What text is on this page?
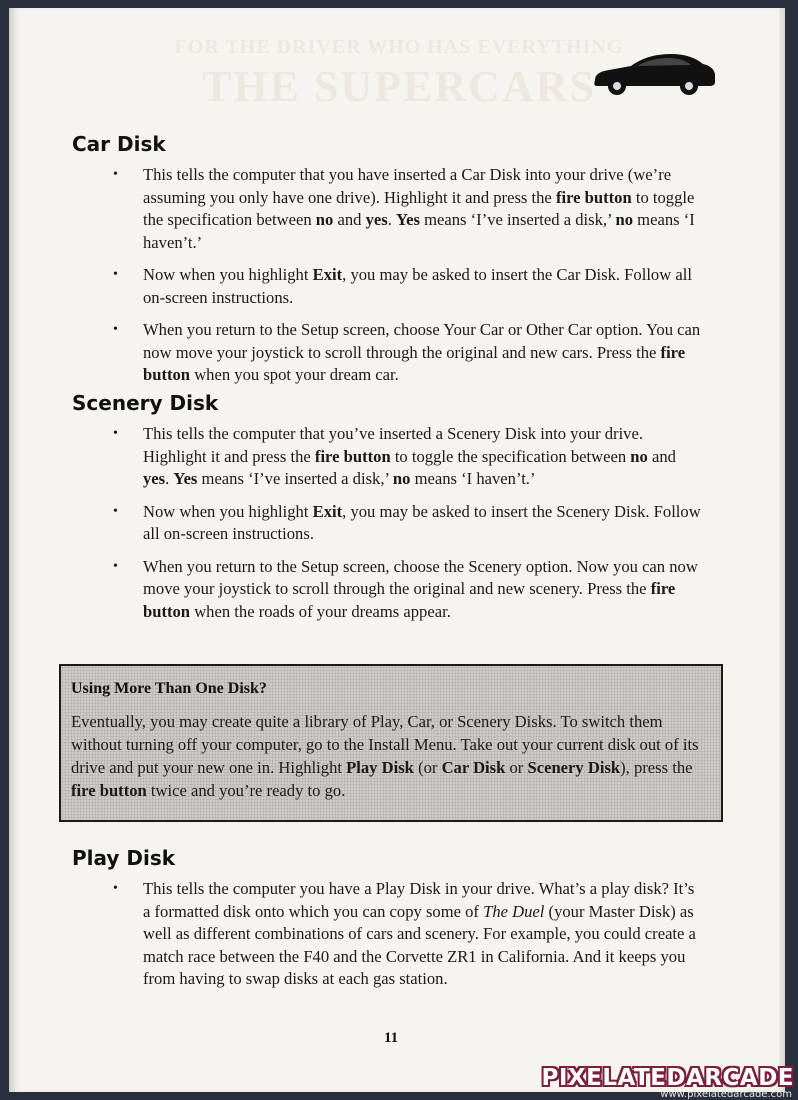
FOR THE DRIVER WHO HAS EVERYTHING
THE SUPERCARS
Car Disk
• This tells the computer that you have inserted a Car Disk into your drive (we’re assuming you only have one drive). Highlight it and press the fire button to toggle the specification between no and yes. Yes means ‘I’ve inserted a disk,’ no means ‘I haven’t.’
• Now when you highlight Exit, you may be asked to insert the Car Disk. Follow all on-screen instructions.
• When you return to the Setup screen, choose Your Car or Other Car option. You can now move your joystick to scroll through the original and new cars. Press the fire button when you spot your dream car.
Scenery Disk
• This tells the computer that you’ve inserted a Scenery Disk into your drive. Highlight it and press the fire button to toggle the specification between no and yes. Yes means ‘I’ve inserted a disk,’ no means ‘I haven’t.’
• Now when you highlight Exit, you may be asked to insert the Scenery Disk. Follow all on-screen instructions.
• When you return to the Setup screen, choose the Scenery option. Now you can now move your joystick to scroll through the original and new scenery. Press the fire button when the roads of your dreams appear.
Using More Than One Disk?
Eventually, you may create quite a library of Play, Car, or Scenery Disks. To switch them without turning off your computer, go to the Install Menu. Take out your current disk out of its drive and put your new one in. Highlight Play Disk (or Car Disk or Scenery Disk), press the fire button twice and you’re ready to go.
Play Disk
• This tells the computer you have a Play Disk in your drive. What’s a play disk? It’s a formatted disk onto which you can copy some of The Duel (your Master Disk) as well as different combinations of cars and scenery. For example, you could create a match race between the F40 and the Corvette ZR1 in California. And it keeps you from having to swap disks at each gas station.
11
PIXELATEDARCADE
www.pixelatedarcade.com
